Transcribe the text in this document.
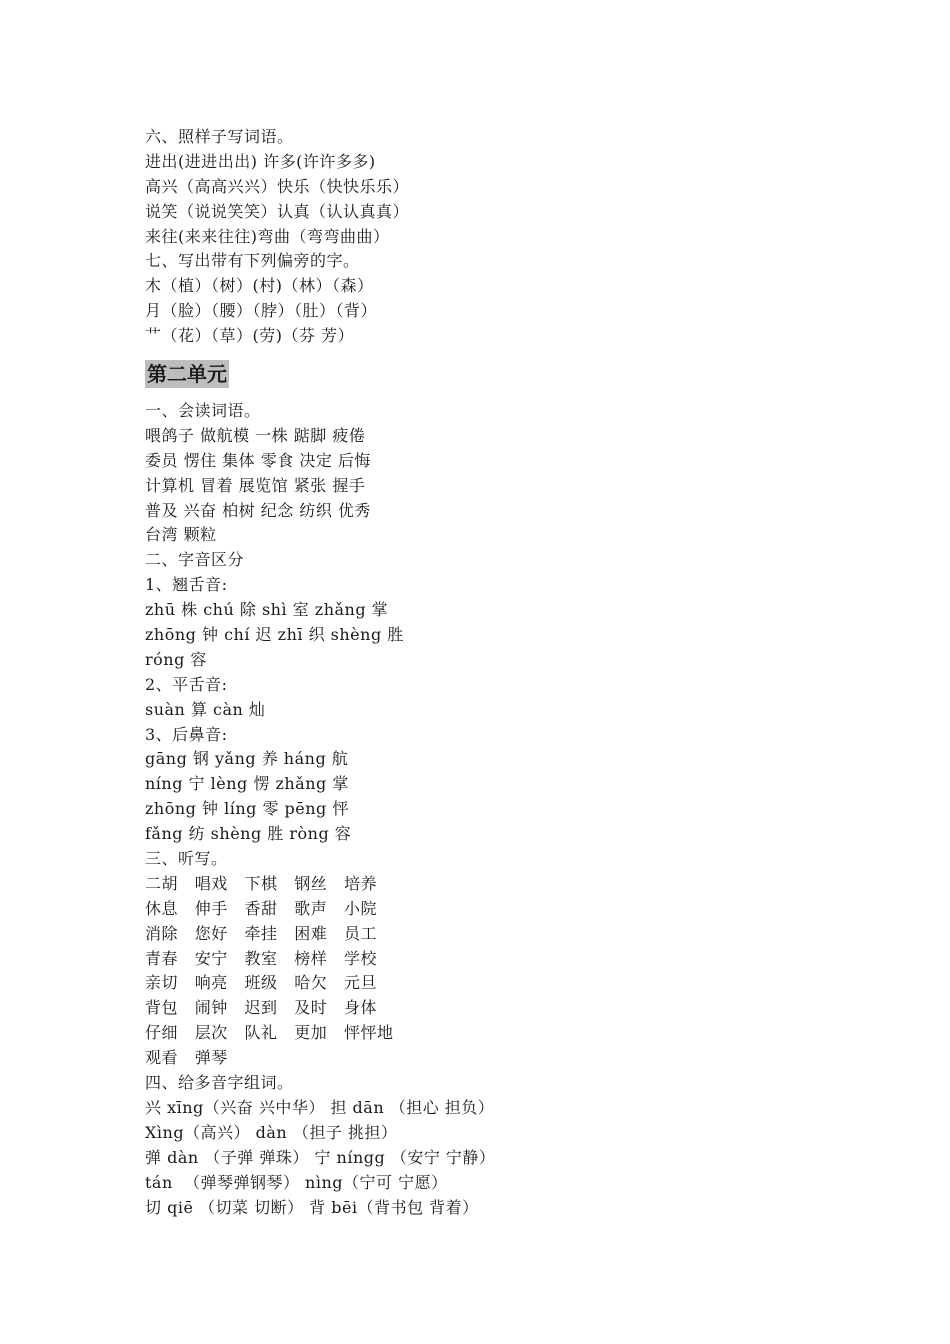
六、照样子写词语。
进出(进进出出) 许多(许许多多)
高兴（高高兴兴）快乐（快快乐乐）
说笑（说说笑笑）认真（认认真真）
来往(来来往往)弯曲（弯弯曲曲）
七、写出带有下列偏旁的字。
木（植）（树）(村)（林）（森）
月（脸）（腰）（脖）（肚）（背）
艹（花）（草）(劳)（芬 芳）
第二单元
一、会读词语。
喂鸽子 做航模 一株 踮脚 疲倦
委员 愣住 集体 零食 决定 后悔
计算机 冒着 展览馆 紧张 握手
普及 兴奋 柏树 纪念 纺织 优秀
台湾 颗粒
二、字音区分
1、翘舌音:
zhū 株 chú 除 shì 室 zhǎng 掌
zhōng 钟 chí 迟 zhī 织 shèng 胜
róng 容
2、平舌音:
suàn 算 càn 灿
3、后鼻音:
gāng 钢 yǎng 养 háng 航
níng 宁 lèng 愣 zhǎng 掌
zhōng 钟 líng 零 pēng 怦
fǎng 纺 shèng 胜 ròng 容
三、听写。
二胡   唱戏   下棋   钢丝   培养
休息   伸手   香甜   歌声   小院
消除   您好   牵挂   困难   员工
青春   安宁   教室   榜样   学校
亲切   响亮   班级   哈欠   元旦
背包   闹钟   迟到   及时   身体
仔细   层次   队礼   更加   怦怦地
观看   弹琴
四、给多音字组词。
兴 xīng（兴奋 兴中华） 担 dān （担心 担负）
Xìng（高兴） dàn （担子 挑担）
弹 dàn （子弹 弹珠） 宁 níngg （安宁 宁静）
tán  （弹琴弹钢琴） nìng（宁可 宁愿）
切 qiē （切菜 切断） 背 bēi（背书包 背着）
